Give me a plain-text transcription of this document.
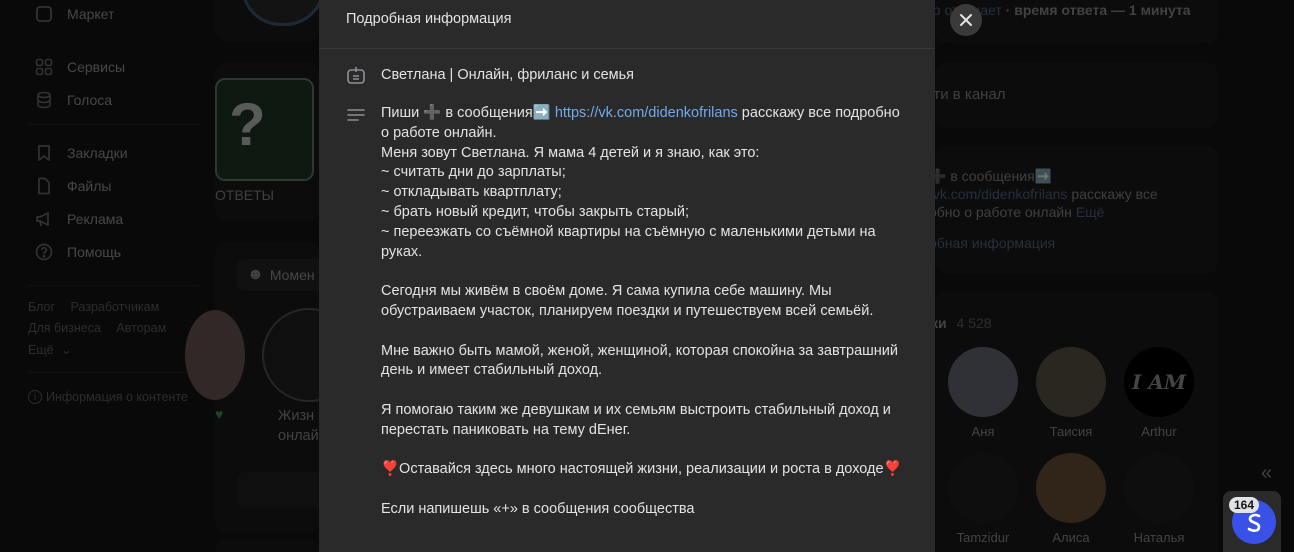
Подробная информация
Светлана | Онлайн, фриланс и семья
Пиши ➕ в сообщения➡️ https://vk.com/didenkofrilans расскажу все подробно о работе онлайн.
Меня зовут Светлана. Я мама 4 детей и я знаю, как это:
~ считать дни до зарплаты;
~ откладывать квартплату;
~ брать новый кредит, чтобы закрыть старый;
~ переезжать со съёмной квартиры на съёмную с маленькими детьми на руках.

Сегодня мы живём в своём доме. Я сама купила себе машину. Мы обустраиваем участок, планируем поездки и путешествуем всей семьёй.

Мне важно быть мамой, женой, женщиной, которая спокойна за завтрашний день и имеет стабильный доход.

Я помогаю таким же девушкам и их семьям выстроить стабильный доход и перестать паниковать на тему dЕнег.

❣️Оставайся здесь много настоящей жизни, реализации и роста в доходе❣️

Если напишешь «+» в сообщения сообщества	164
